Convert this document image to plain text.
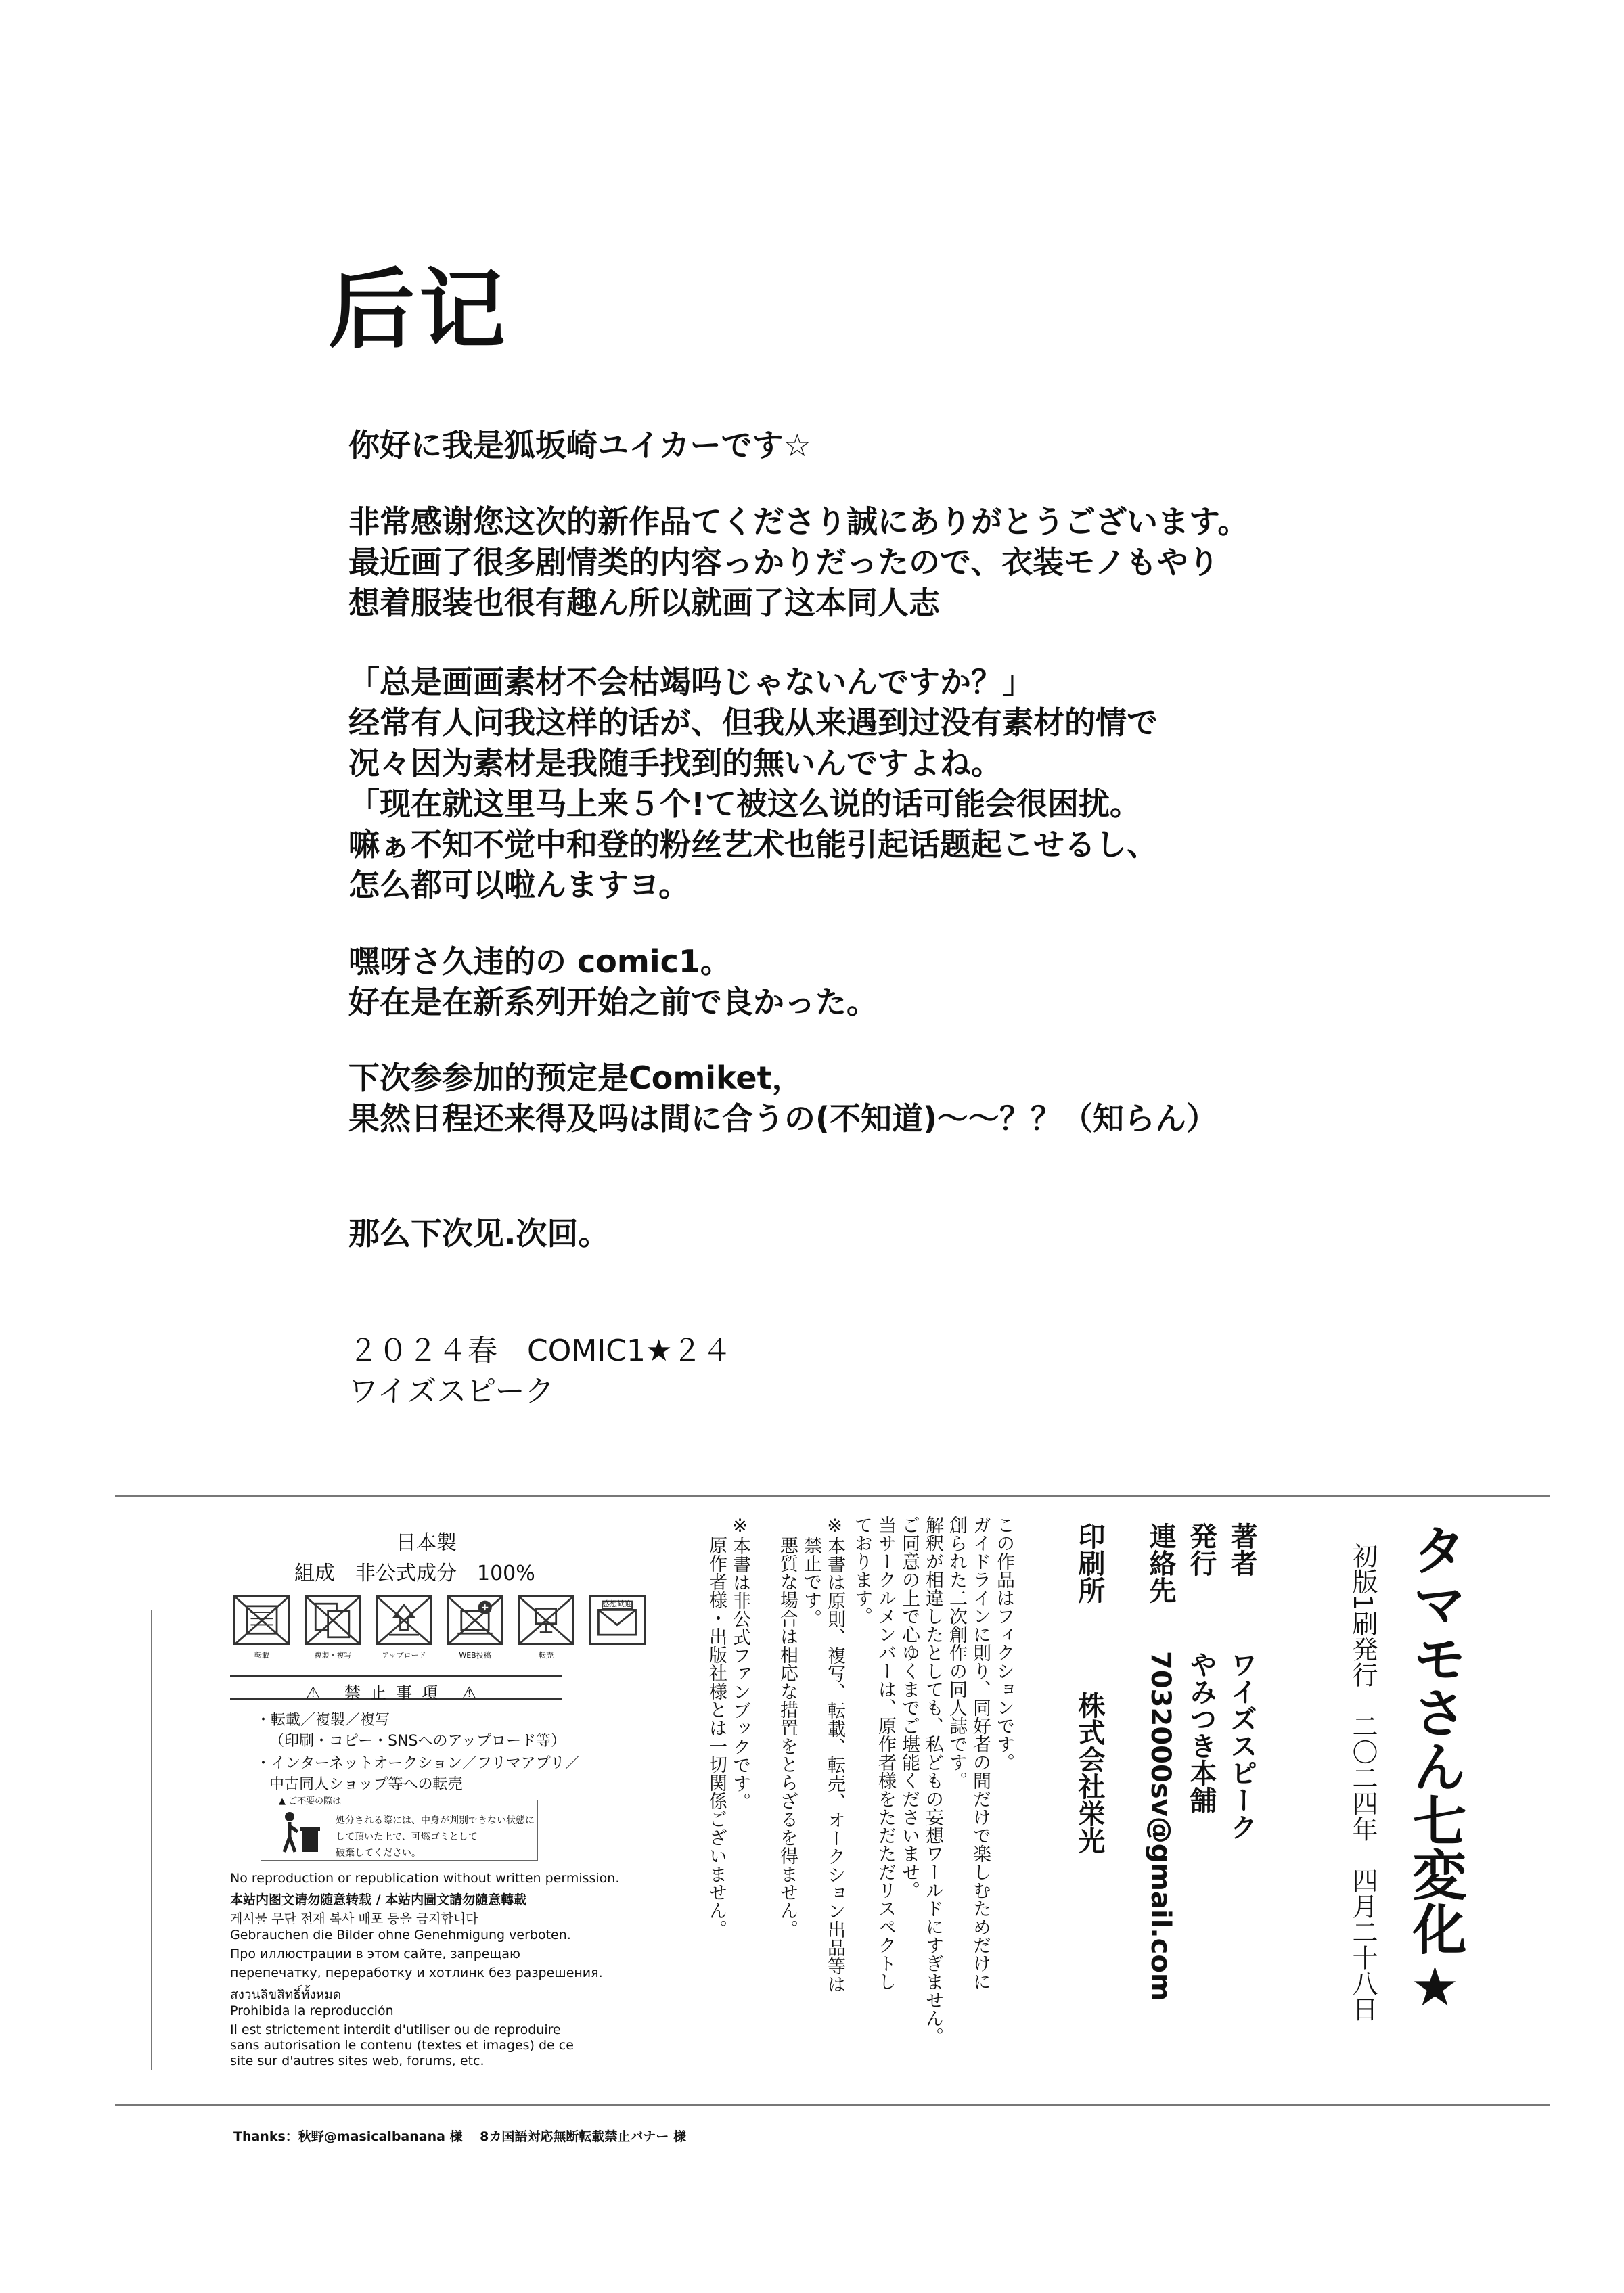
后记
你好に我是狐坂崎ユイカーです☆
非常感谢您这次的新作品てくださり誠にありがとうございます。
最近画了很多剧情类的内容っかりだったので、衣装モノもやり
想着服装也很有趣ん所以就画了这本同人志
「总是画画素材不会枯竭吗じゃないんですか？」
经常有人问我这样的话が、但我从来遇到过没有素材的情で
况々因为素材是我随手找到的無いんですよね。
「现在就这里马上来５个!て被这么说的话可能会很困扰。
嘛ぁ不知不觉中和登的粉丝艺术也能引起话题起こせるし、
怎么都可以啦んますヨ。
嘿呀さ久违的の comic1。
好在是在新系列开始之前で良かった。
下次参参加的预定是Comiket，
果然日程还来得及吗は間に合うの(不知道)～～？？（知らん）
那么下次见.次回。
２０２４春　COMIC1★２４
ワイズスピーク
日本製
組成　非公式成分　100%
転載	複製・複写	アップロード	WEB投稿	転売
感想歓迎
⚠ 禁止事項 ⚠
・転載／複製／複写
（印刷・コピー・SNSへのアップロード等）
・インターネットオークション／フリマアプリ／
中古同人ショップ等への転売
▲ ご不要の際は
処分される際には、中身が判別できない状態に
して頂いた上で、可燃ゴミとして
破棄してください。
No reproduction or republication without written permission.
本站内图文请勿随意转载 / 本站内圖文請勿隨意轉載
게시물 무단 전재 복사 배포 등을 금지합니다
Gebrauchen die Bilder ohne Genehmigung verboten.
Про иллюстрации в этом сайте, запрещаю
перепечатку, переработку и хотлинк без разрешения.
สงวนลิขสิทธิ์ทั้งหมด
Prohibida la reproducción
Il est strictement interdit d'utiliser ou de reproduire
sans autorisation le contenu (textes et images) de ce
site sur d'autres sites web, forums, etc.
※本書は非公式ファンブックです。
原作者様・出版社様とは一切関係ございません。	※本書は原則、複写、転載、転売、オークション出品等は
禁止です。
悪質な場合は相応な措置をとらざるを得ません。	この作品はフィクションです。
ガイドラインに則り、同好者の間だけで楽しむためだけに
創られた二次創作の同人誌です。
解釈が相違したとしても、私どもの妄想ワールドにすぎません。
ご同意の上で心ゆくまでご堪能くださいませ。
当サークルメンバーは、原作者様をただただリスペクトし
ております。	印刷所
株式会社栄光
連絡先
7032000sv@gmail.com
発行
やみつき本舗
著者
ワイズスピーク	初版1刷発行　二〇二四年　四月二十八日 タマモさん七変化★
Thanks：秋野@masicalbanana 様　 8カ国語対応無断転載禁止バナー 様
